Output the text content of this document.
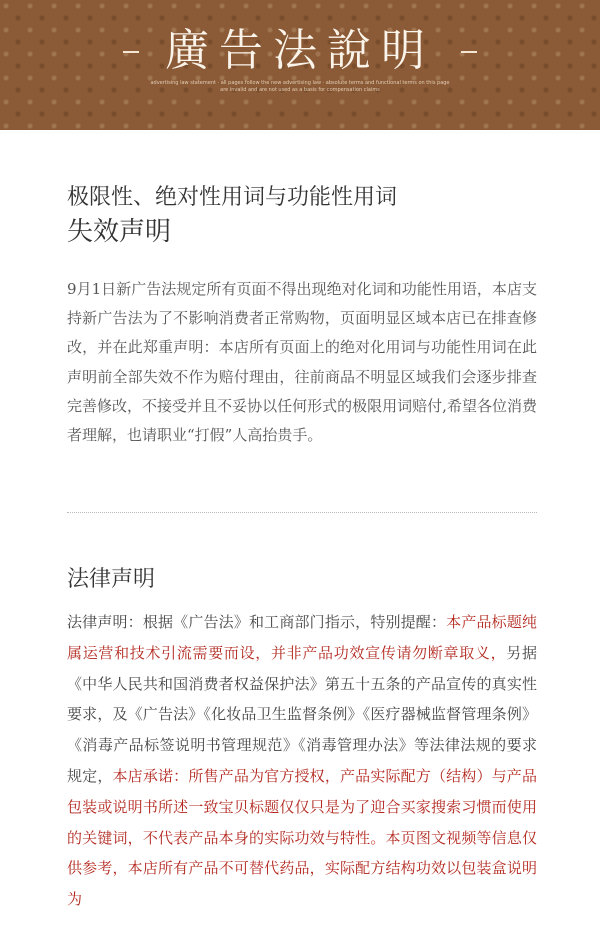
廣告法說明
advertising law statement · all pages follow the new advertising law · absolute terms and functional terms on this page are invalid and are not used as a basis for compensation claims
极限性、绝对性用词与功能性用词
失效声明
9月1日新广告法规定所有页面不得出现绝对化词和功能性用语，本店支持新广告法为了不影响消费者正常购物，页面明显区域本店已在排查修改，并在此郑重声明：本店所有页面上的绝对化用词与功能性用词在此声明前全部失效不作为赔付理由，往前商品不明显区域我们会逐步排查完善修改，不接受并且不妥协以任何形式的极限用词赔付,希望各位消费者理解，也请职业“打假”人高抬贵手。
法律声明
法律声明：根据《广告法》和工商部门指示，特别提醒：本产品标题纯属运营和技术引流需要而设，并非产品功效宣传请勿断章取义，另据《中华人民共和国消费者权益保护法》第五十五条的产品宣传的真实性要求，及《广告法》《化妆品卫生监督条例》《医疗器械监督管理条例》《消毒产品标签说明书管理规范》《消毒管理办法》等法律法规的要求规定，本店承诺：所售产品为官方授权，产品实际配方（结构）与产品包装或说明书所述一致宝贝标题仅仅只是为了迎合买家搜索习惯而使用的关键词，不代表产品本身的实际功效与特性。本页图文视频等信息仅供参考，本店所有产品不可替代药品，实际配方结构功效以包装盒说明为
